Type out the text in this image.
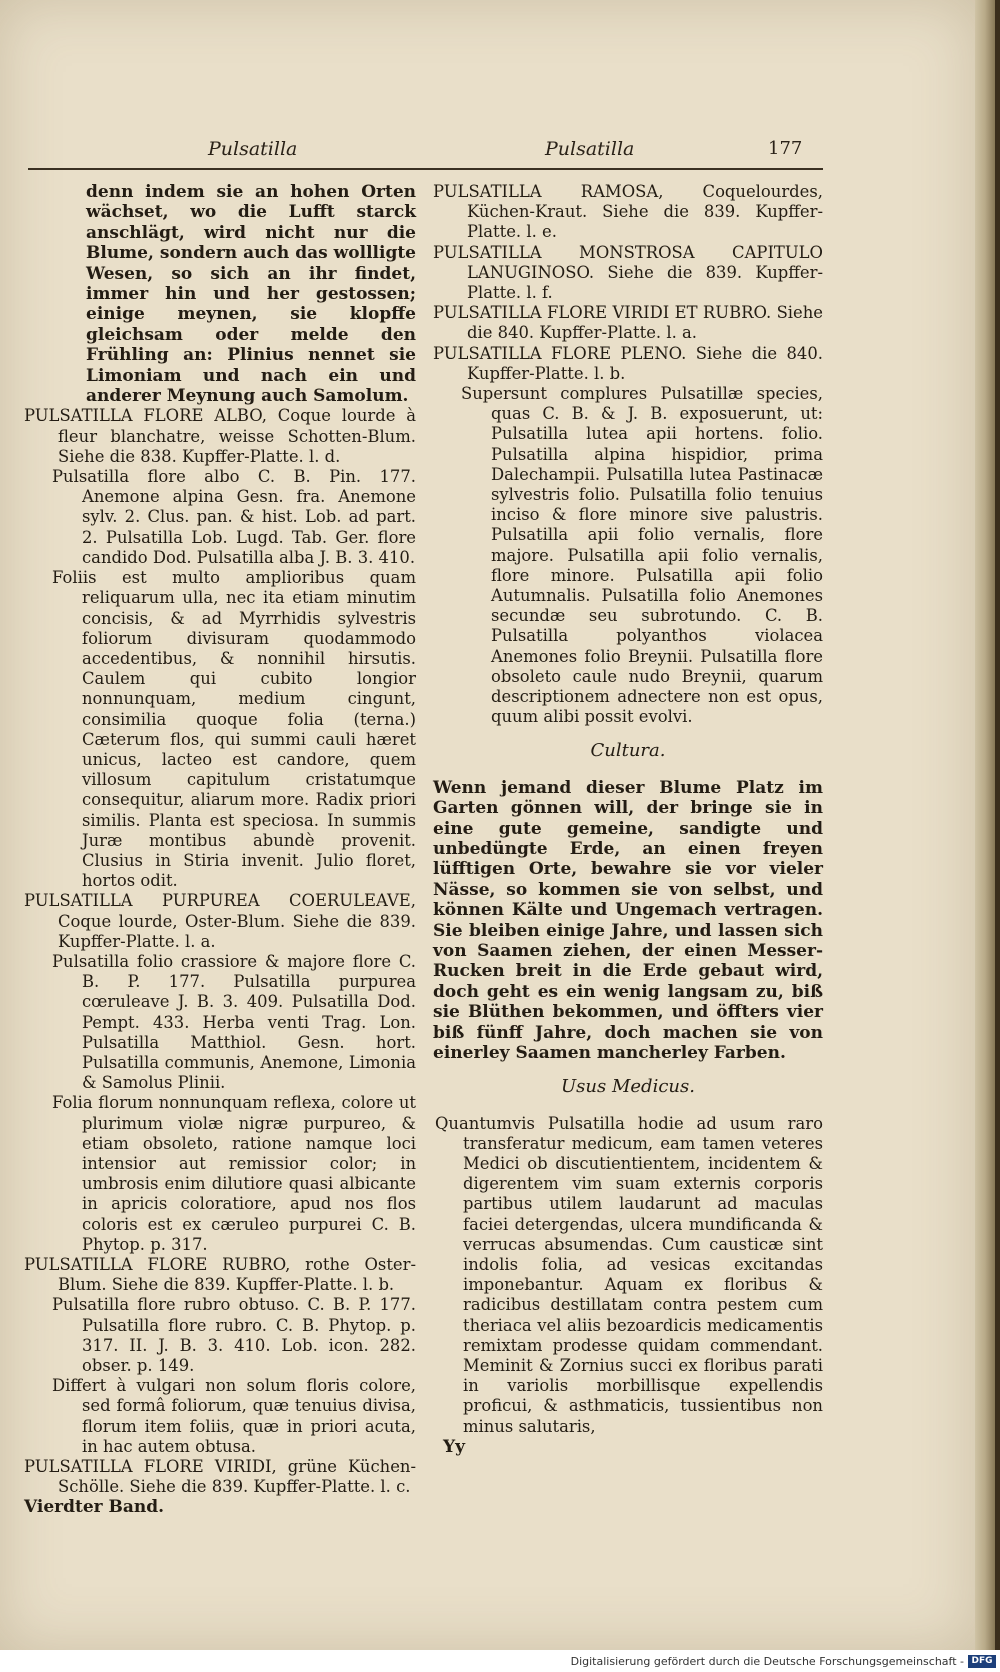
Pulsatilla	Pulsatilla	177

denn indem sie an hohen Orten wächset, wo die Lufft starck anschlägt, wird nicht nur die Blume, sondern auch das wollligte Wesen, so sich an ihr findet, immer hin und her gestossen; einige meynen, sie klopffe gleichsam oder melde den Frühling an: Plinius nennet sie Limoniam und nach ein und anderer Meynung auch Samolum.

PULSATILLA FLORE ALBO, Coque lourde à fleur blanchatre, weisse Schotten-Blum. Siehe die 838. Kupffer-Platte. l. d.

Pulsatilla flore albo C. B. Pin. 177. Anemone alpina Gesn. fra. Anemone sylv. 2. Clus. pan. & hist. Lob. ad part. 2. Pulsatilla Lob. Lugd. Tab. Ger. flore candido Dod. Pulsatilla alba J. B. 3. 410.

Foliis est multo amplioribus quam reliquarum ulla, nec ita etiam minutim concisis, & ad Myrrhidis sylvestris foliorum divisuram quodammodo accedentibus, & nonnihil hirsutis. Caulem qui cubito longior nonnunquam, medium cingunt, consimilia quoque folia (terna.) Cæterum flos, qui summi cauli hæret unicus, lacteo est candore, quem villosum capitulum cristatumque consequitur, aliarum more. Radix priori similis. Planta est speciosa. In summis Juræ montibus abundè provenit. Clusius in Stiria invenit. Julio floret, hortos odit.

PULSATILLA PURPUREA COERULEAVE, Coque lourde, Oster-Blum. Siehe die 839. Kupffer-Platte. l. a.

Pulsatilla folio crassiore & majore flore C. B. P. 177. Pulsatilla purpurea cœruleave J. B. 3. 409. Pulsatilla Dod. Pempt. 433. Herba venti Trag. Lon. Pulsatilla Matthiol. Gesn. hort. Pulsatilla communis, Anemone, Limonia & Samolus Plinii.

Folia florum nonnunquam reflexa, colore ut plurimum violæ nigræ purpureo, & etiam obsoleto, ratione namque loci intensior aut remissior color; in umbrosis enim dilutiore quasi albicante in apricis coloratiore, apud nos flos coloris est ex cæruleo purpurei C. B. Phytop. p. 317.

PULSATILLA FLORE RUBRO, rothe Oster-Blum. Siehe die 839. Kupffer-Platte. l. b.

Pulsatilla flore rubro obtuso. C. B. P. 177. Pulsatilla flore rubro. C. B. Phytop. p. 317. II. J. B. 3. 410. Lob. icon. 282. obser. p. 149.

Differt à vulgari non solum floris colore, sed formâ foliorum, quæ tenuius divisa, florum item foliis, quæ in priori acuta, in hac autem obtusa.

PULSATILLA FLORE VIRIDI, grüne Küchen-Schölle. Siehe die 839. Kupffer-Platte. l. c.

Vierdter Band.

PULSATILLA RAMOSA, Coquelourdes, Küchen-Kraut. Siehe die 839. Kupffer-Platte. l. e.

PULSATILLA MONSTROSA CAPITULO LANUGINOSO. Siehe die 839. Kupffer-Platte. l. f.

PULSATILLA FLORE VIRIDI ET RUBRO. Siehe die 840. Kupffer-Platte. l. a.

PULSATILLA FLORE PLENO. Siehe die 840. Kupffer-Platte. l. b.

Supersunt complures Pulsatillæ species, quas C. B. & J. B. exposuerunt, ut: Pulsatilla lutea apii hortens. folio. Pulsatilla alpina hispidior, prima Dalechampii. Pulsatilla lutea Pastinacæ sylvestris folio. Pulsatilla folio tenuius inciso & flore minore sive palustris. Pulsatilla apii folio vernalis, flore majore. Pulsatilla apii folio vernalis, flore minore. Pulsatilla apii folio Autumnalis. Pulsatilla folio Anemones secundæ seu subrotundo. C. B. Pulsatilla polyanthos violacea Anemones folio Breynii. Pulsatilla flore obsoleto caule nudo Breynii, quarum descriptionem adnectere non est opus, quum alibi possit evolvi.

Cultura.

Wenn jemand dieser Blume Platz im Garten gönnen will, der bringe sie in eine gute gemeine, sandigte und unbedüngte Erde, an einen freyen lüfftigen Orte, bewahre sie vor vieler Nässe, so kommen sie von selbst, und können Kälte und Ungemach vertragen. Sie bleiben einige Jahre, und lassen sich von Saamen ziehen, der einen Messer-Rucken breit in die Erde gebaut wird, doch geht es ein wenig langsam zu, biß sie Blüthen bekommen, und öffters vier biß fünff Jahre, doch machen sie von einerley Saamen mancherley Farben.

Usus Medicus.

Quantumvis Pulsatilla hodie ad usum raro transferatur medicum, eam tamen veteres Medici ob discutientientem, incidentem & digerentem vim suam externis corporis partibus utilem laudarunt ad maculas faciei detergendas, ulcera mundificanda & verrucas absumendas. Cum causticæ sint indolis folia, ad vesicas excitandas imponebantur. Aquam ex floribus & radicibus destillatam contra pestem cum theriaca vel aliis bezoardicis medicamentis remixtam prodesse quidam commendant. Meminit & Zornius succi ex floribus parati in variolis morbillisque expellendis proficui, & asthmaticis, tussientibus non minus salutaris,

Yy

Digitalisierung gefördert durch die Deutsche Forschungsgemeinschaft - DFG
